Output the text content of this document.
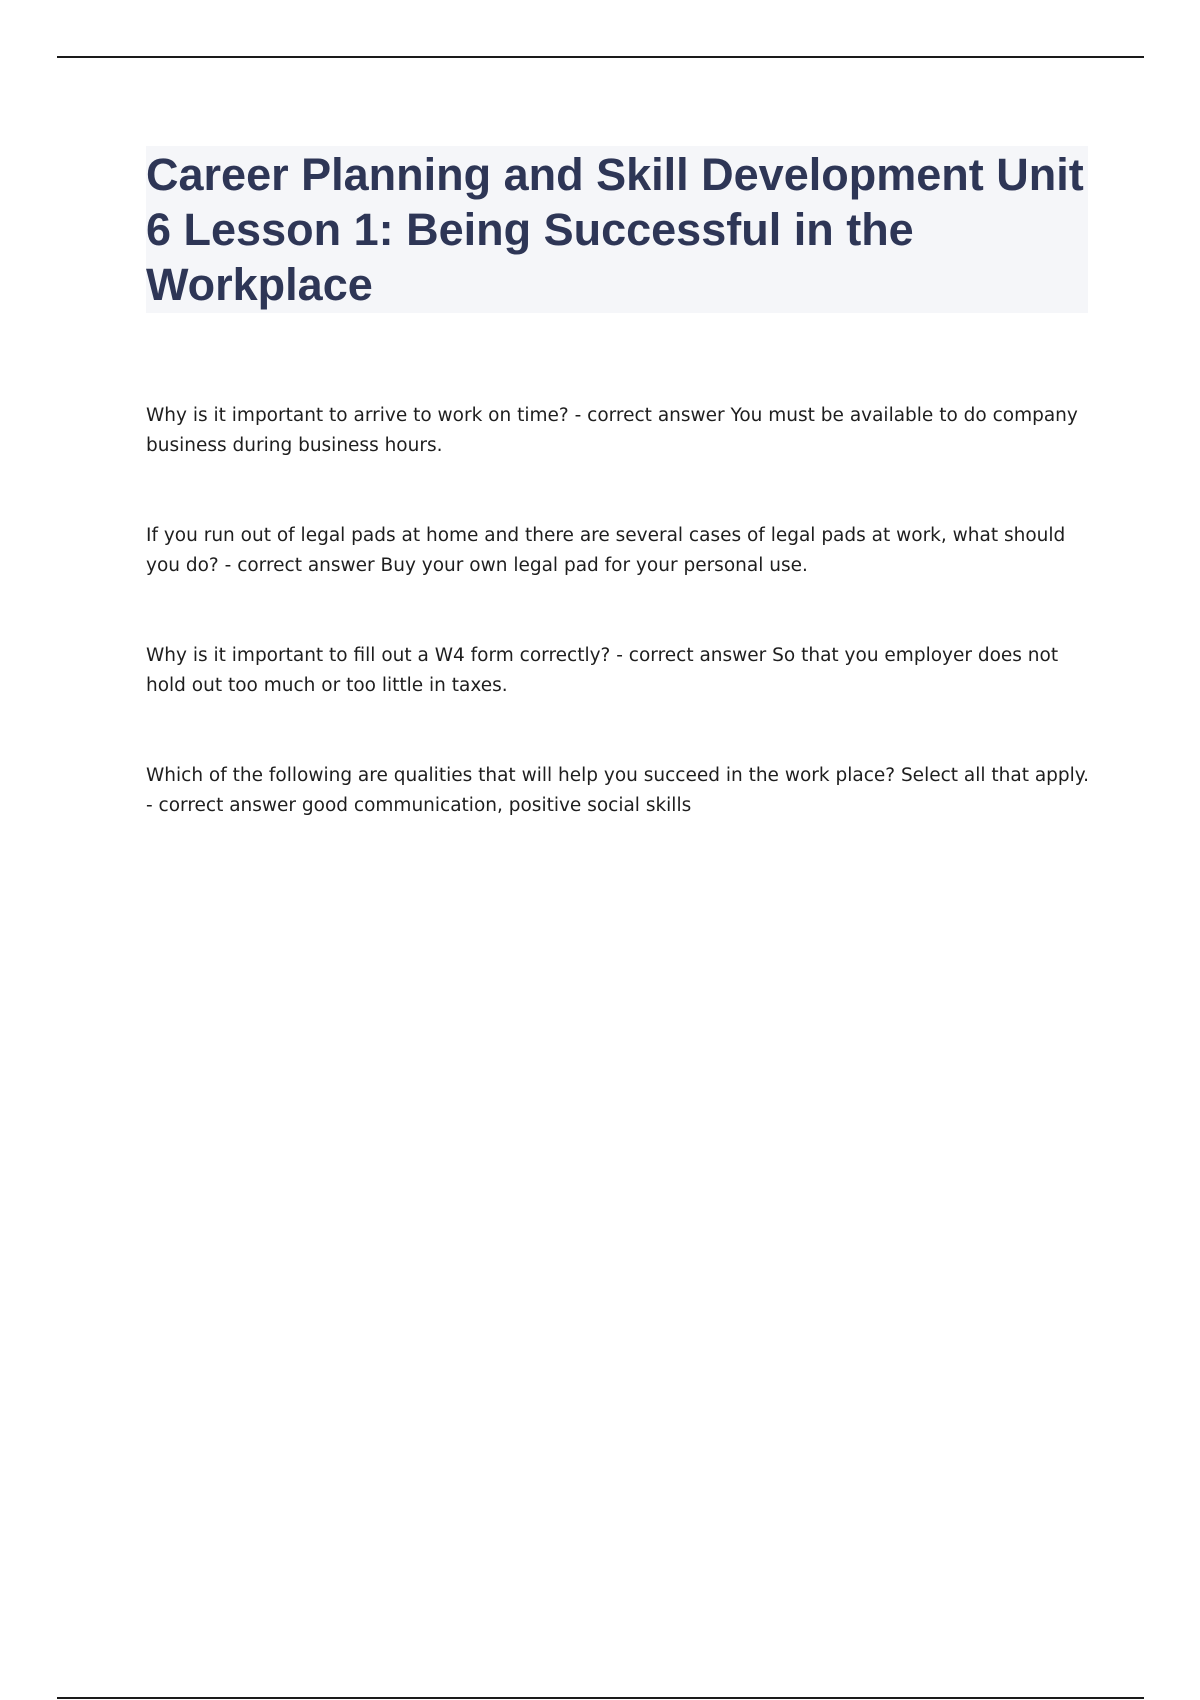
Career Planning and Skill Development Unit 6 Lesson 1: Being Successful in the Workplace

Why is it important to arrive to work on time? - correct answer You must be available to do company business during business hours.

If you run out of legal pads at home and there are several cases of legal pads at work, what should you do? - correct answer Buy your own legal pad for your personal use.

Why is it important to fill out a W4 form correctly? - correct answer So that you employer does not hold out too much or too little in taxes.

Which of the following are qualities that will help you succeed in the work place? Select all that apply. - correct answer good communication, positive social skills
